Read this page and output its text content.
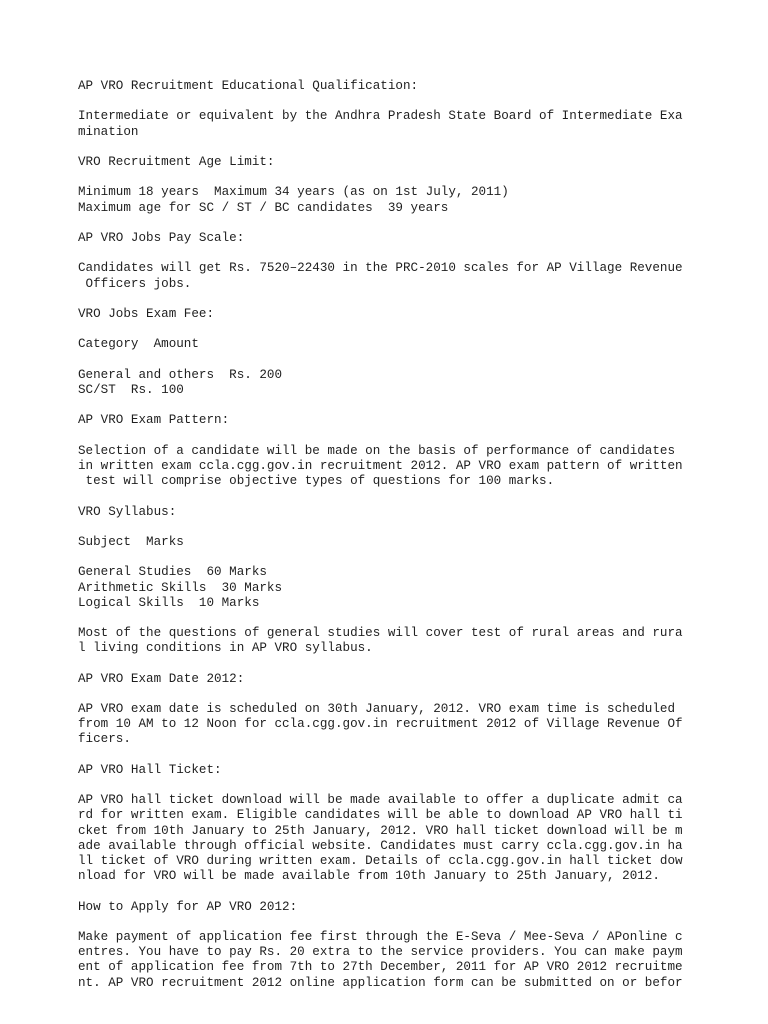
AP VRO Recruitment Educational Qualification:
Intermediate or equivalent by the Andhra Pradesh State Board of Intermediate Exa
mination
VRO Recruitment Age Limit:
Minimum 18 years  Maximum 34 years (as on 1st July, 2011)
Maximum age for SC / ST / BC candidates  39 years
AP VRO Jobs Pay Scale:
Candidates will get Rs. 7520–22430 in the PRC-2010 scales for AP Village Revenue
Officers jobs.
VRO Jobs Exam Fee:
Category  Amount
General and others  Rs. 200
SC/ST  Rs. 100
AP VRO Exam Pattern:
Selection of a candidate will be made on the basis of performance of candidates
in written exam ccla.cgg.gov.in recruitment 2012. AP VRO exam pattern of written
test will comprise objective types of questions for 100 marks.
VRO Syllabus:
Subject  Marks
General Studies  60 Marks
Arithmetic Skills  30 Marks
Logical Skills  10 Marks
Most of the questions of general studies will cover test of rural areas and rura
l living conditions in AP VRO syllabus.
AP VRO Exam Date 2012:
AP VRO exam date is scheduled on 30th January, 2012. VRO exam time is scheduled
from 10 AM to 12 Noon for ccla.cgg.gov.in recruitment 2012 of Village Revenue Of
ficers.
AP VRO Hall Ticket:
AP VRO hall ticket download will be made available to offer a duplicate admit ca
rd for written exam. Eligible candidates will be able to download AP VRO hall ti
cket from 10th January to 25th January, 2012. VRO hall ticket download will be m
ade available through official website. Candidates must carry ccla.cgg.gov.in ha
ll ticket of VRO during written exam. Details of ccla.cgg.gov.in hall ticket dow
nload for VRO will be made available from 10th January to 25th January, 2012.
How to Apply for AP VRO 2012:
Make payment of application fee first through the E-Seva / Mee-Seva / APonline c
entres. You have to pay Rs. 20 extra to the service providers. You can make paym
ent of application fee from 7th to 27th December, 2011 for AP VRO 2012 recruitme
nt. AP VRO recruitment 2012 online application form can be submitted on or befor
